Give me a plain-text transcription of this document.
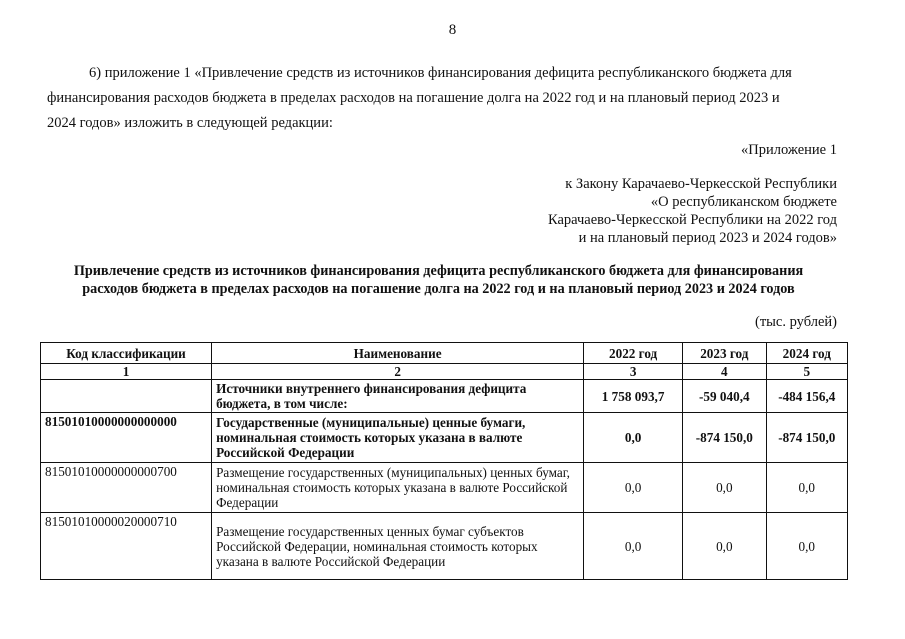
8
6) приложение 1 «Привлечение средств из источников финансирования дефицита республиканского бюджета для
финансирования расходов бюджета в пределах расходов на погашение долга на 2022 год и на плановый период 2023 и
2024 годов» изложить в следующей редакции:
«Приложение 1
к Закону Карачаево-Черкесской Республики
«О республиканском бюджете
Карачаево-Черкесской Республики на 2022 год
и на плановый период 2023 и 2024 годов»
Привлечение средств из источников финансирования дефицита республиканского бюджета для финансирования
расходов бюджета в пределах расходов на погашение долга на 2022 год и на плановый период 2023 и 2024 годов
(тыс. рублей)
Код классификации	Наименование	2022 год	2023 год	2024 год
1	2	3	4	5
	Источники внутреннего финансирования дефицита бюджета, в том числе:	1 758 093,7	-59 040,4	-484 156,4
81501010000000000000	Государственные (муниципальные) ценные бумаги, номинальная стоимость которых указана в валюте Российской Федерации	0,0	-874 150,0	-874 150,0
81501010000000000700	Размещение государственных (муниципальных) ценных бумаг, номинальная стоимость которых указана в валюте Российской Федерации	0,0	0,0	0,0
81501010000020000710	Размещение государственных ценных бумаг субъектов Российской Федерации, номинальная стоимость которых указана в валюте Российской Федерации	0,0	0,0	0,0
